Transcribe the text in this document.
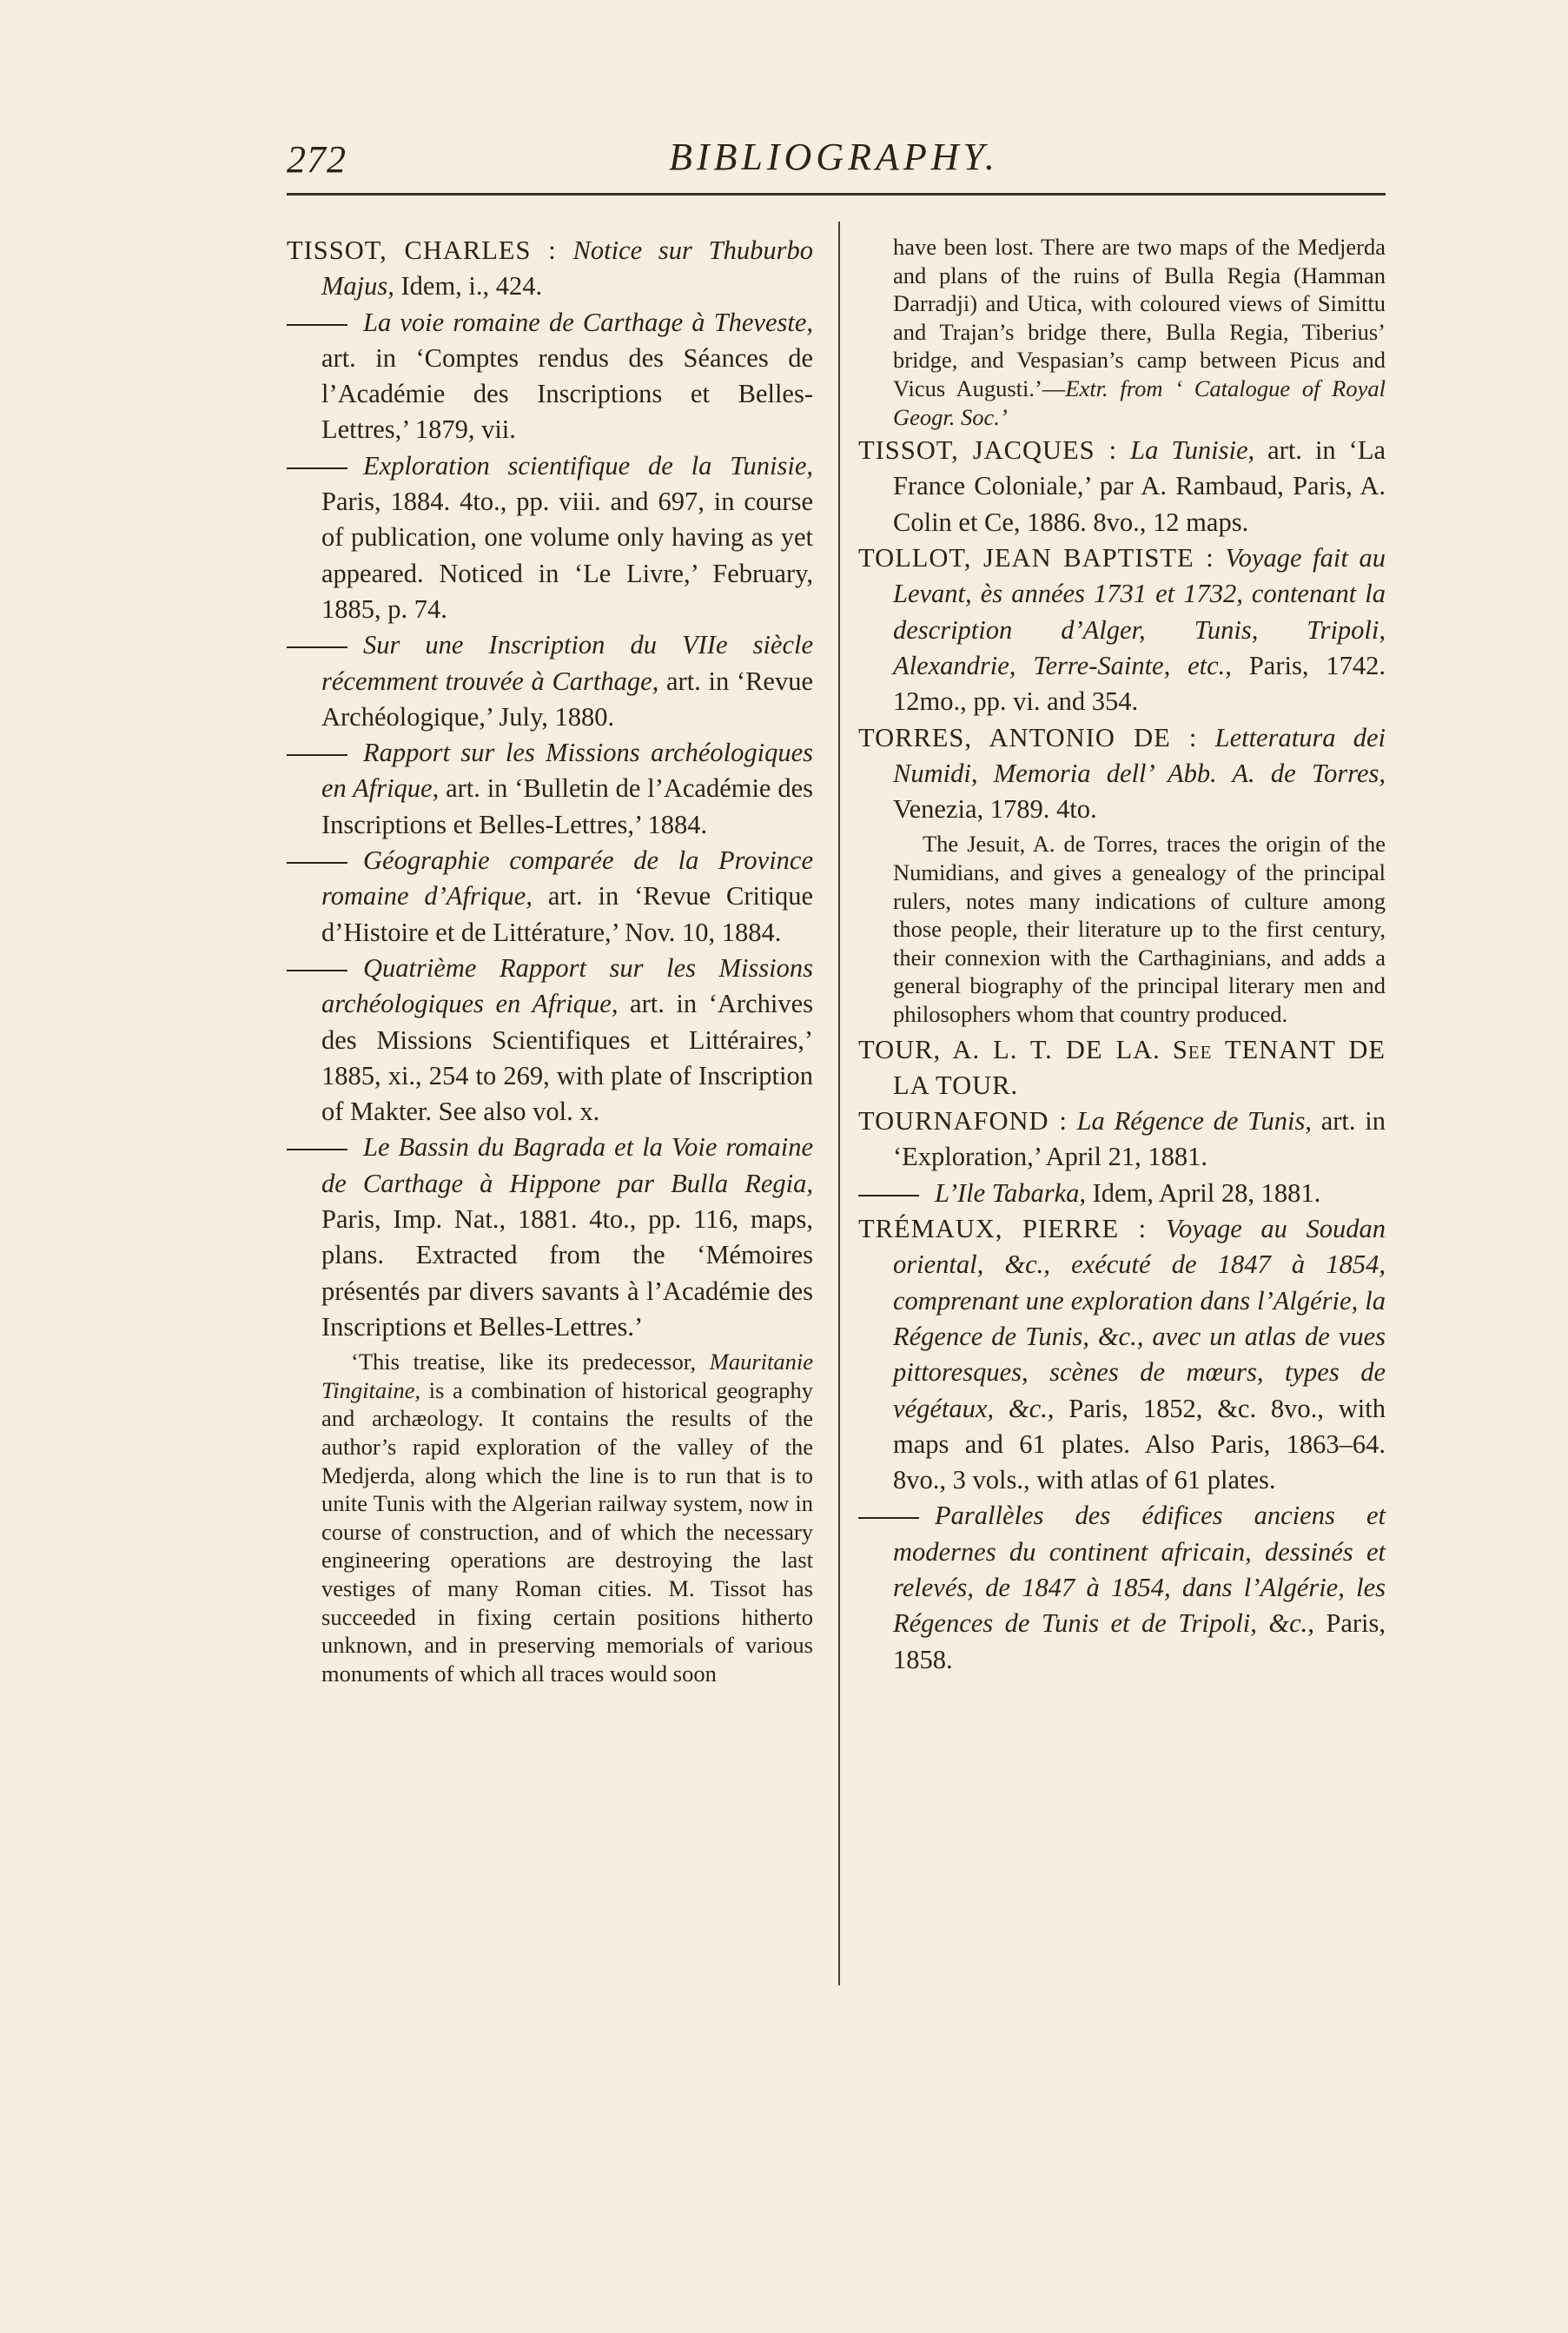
272	BIBLIOGRAPHY.

TISSOT, CHARLES : Notice sur Thuburbo Majus, Idem, i., 424.

La voie romaine de Carthage à Theveste, art. in ‘Comptes rendus des Séances de l’Académie des Inscriptions et Belles-Lettres,’ 1879, vii.

Exploration scientifique de la Tunisie, Paris, 1884. 4to., pp. viii. and 697, in course of publication, one volume only having as yet appeared. Noticed in ‘Le Livre,’ February, 1885, p. 74.

Sur une Inscription du VIIe siècle récemment trouvée à Carthage, art. in ‘Revue Archéologique,’ July, 1880.

Rapport sur les Missions archéologiques en Afrique, art. in ‘Bulletin de l’Académie des Inscriptions et Belles-Lettres,’ 1884.

Géographie comparée de la Province romaine d’Afrique, art. in ‘Revue Critique d’Histoire et de Littérature,’ Nov. 10, 1884.

Quatrième Rapport sur les Missions archéologiques en Afrique, art. in ‘Archives des Missions Scientifiques et Littéraires,’ 1885, xi., 254 to 269, with plate of Inscription of Makter. See also vol. x.

Le Bassin du Bagrada et la Voie romaine de Carthage à Hippone par Bulla Regia, Paris, Imp. Nat., 1881. 4to., pp. 116, maps, plans. Extracted from the ‘Mémoires présentés par divers savants à l’Académie des Inscriptions et Belles-Lettres.’

‘This treatise, like its predecessor, Mauritanie Tingitaine, is a combination of historical geography and archæology. It contains the results of the author’s rapid exploration of the valley of the Medjerda, along which the line is to run that is to unite Tunis with the Algerian railway system, now in course of construction, and of which the necessary engineering operations are destroying the last vestiges of many Roman cities. M. Tissot has succeeded in fixing certain positions hitherto unknown, and in preserving memorials of various monuments of which all traces would soon

have been lost. There are two maps of the Medjerda and plans of the ruins of Bulla Regia (Hamman Darradji) and Utica, with coloured views of Simittu and Trajan’s bridge there, Bulla Regia, Tiberius’ bridge, and Vespasian’s camp between Picus and Vicus Augusti.’—Extr. from ‘ Catalogue of Royal Geogr. Soc.’

TISSOT, JACQUES : La Tunisie, art. in ‘La France Coloniale,’ par A. Rambaud, Paris, A. Colin et Ce, 1886. 8vo., 12 maps.

TOLLOT, JEAN BAPTISTE : Voyage fait au Levant, ès années 1731 et 1732, contenant la description d’Alger, Tunis, Tripoli, Alexandrie, Terre-Sainte, etc., Paris, 1742. 12mo., pp. vi. and 354.

TORRES, ANTONIO DE : Letteratura dei Numidi, Memoria dell’ Abb. A. de Torres, Venezia, 1789. 4to.

The Jesuit, A. de Torres, traces the origin of the Numidians, and gives a genealogy of the principal rulers, notes many indications of culture among those people, their literature up to the first century, their connexion with the Carthaginians, and adds a general biography of the principal literary men and philosophers whom that country produced.

TOUR, A. L. T. DE LA. See TENANT DE LA TOUR.

TOURNAFOND : La Régence de Tunis, art. in ‘Exploration,’ April 21, 1881.

L’Ile Tabarka, Idem, April 28, 1881.

TRÉMAUX, PIERRE : Voyage au Soudan oriental, &c., exécuté de 1847 à 1854, comprenant une exploration dans l’Algérie, la Régence de Tunis, &c., avec un atlas de vues pittoresques, scènes de mœurs, types de végétaux, &c., Paris, 1852, &c. 8vo., with maps and 61 plates. Also Paris, 1863–64. 8vo., 3 vols., with atlas of 61 plates.

Parallèles des édifices anciens et modernes du continent africain, dessinés et relevés, de 1847 à 1854, dans l’Algérie, les Régences de Tunis et de Tripoli, &c., Paris, 1858.
